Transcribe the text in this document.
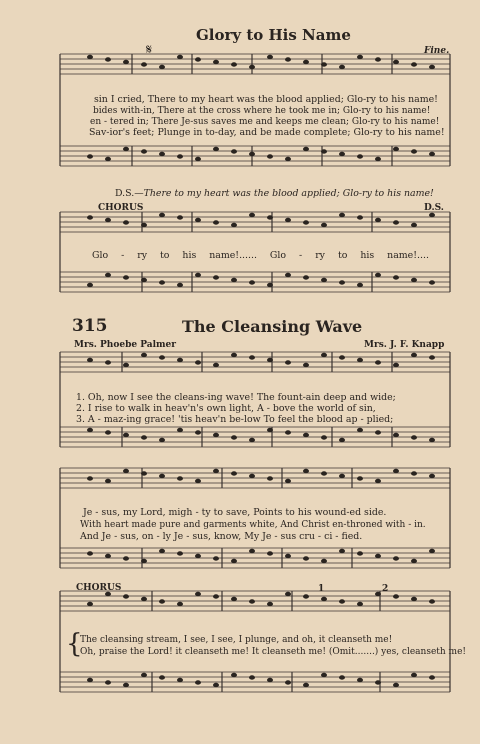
Glory to His Name
𝄋	Fine.
sin I cried, There to my heart was the blood applied; Glo-ry to his name!
bides with-in, There at the cross where he took me in; Glo-ry to his name!
en - tered in; There Je-sus saves me and keeps me clean; Glo-ry to his name!
Sav-ior's feet; Plunge in to-day, and be made complete; Glo-ry to his name!
D.S.—There to my heart was the blood applied; Glo-ry to his name!
CHORUS	D.S.
Glo - ry to his name!...... Glo - ry to his name!....
315	The Cleansing Wave
Mrs. Phoebe Palmer	Mrs. J. F. Knapp
1. Oh, now I see the cleans-ing wave! The fount-ain deep and wide;
2. I rise to walk in heav'n's own light, A - bove the world of sin,
3. A - maz-ing grace! 'tis heav'n be-low To feel the blood ap - plied;
Je - sus, my Lord, migh - ty to save, Points to his wound-ed side.
With heart made pure and garments white, And Christ en-throned with - in.
And Je - sus, on - ly Je - sus, know, My Je - sus cru - ci - fied.
CHORUS	1	2
{
The cleansing stream, I see, I see, I plunge, and oh, it cleanseth me!
Oh, praise the Lord! it cleanseth me! It cleanseth me! (Omit.......) yes, cleanseth me!
